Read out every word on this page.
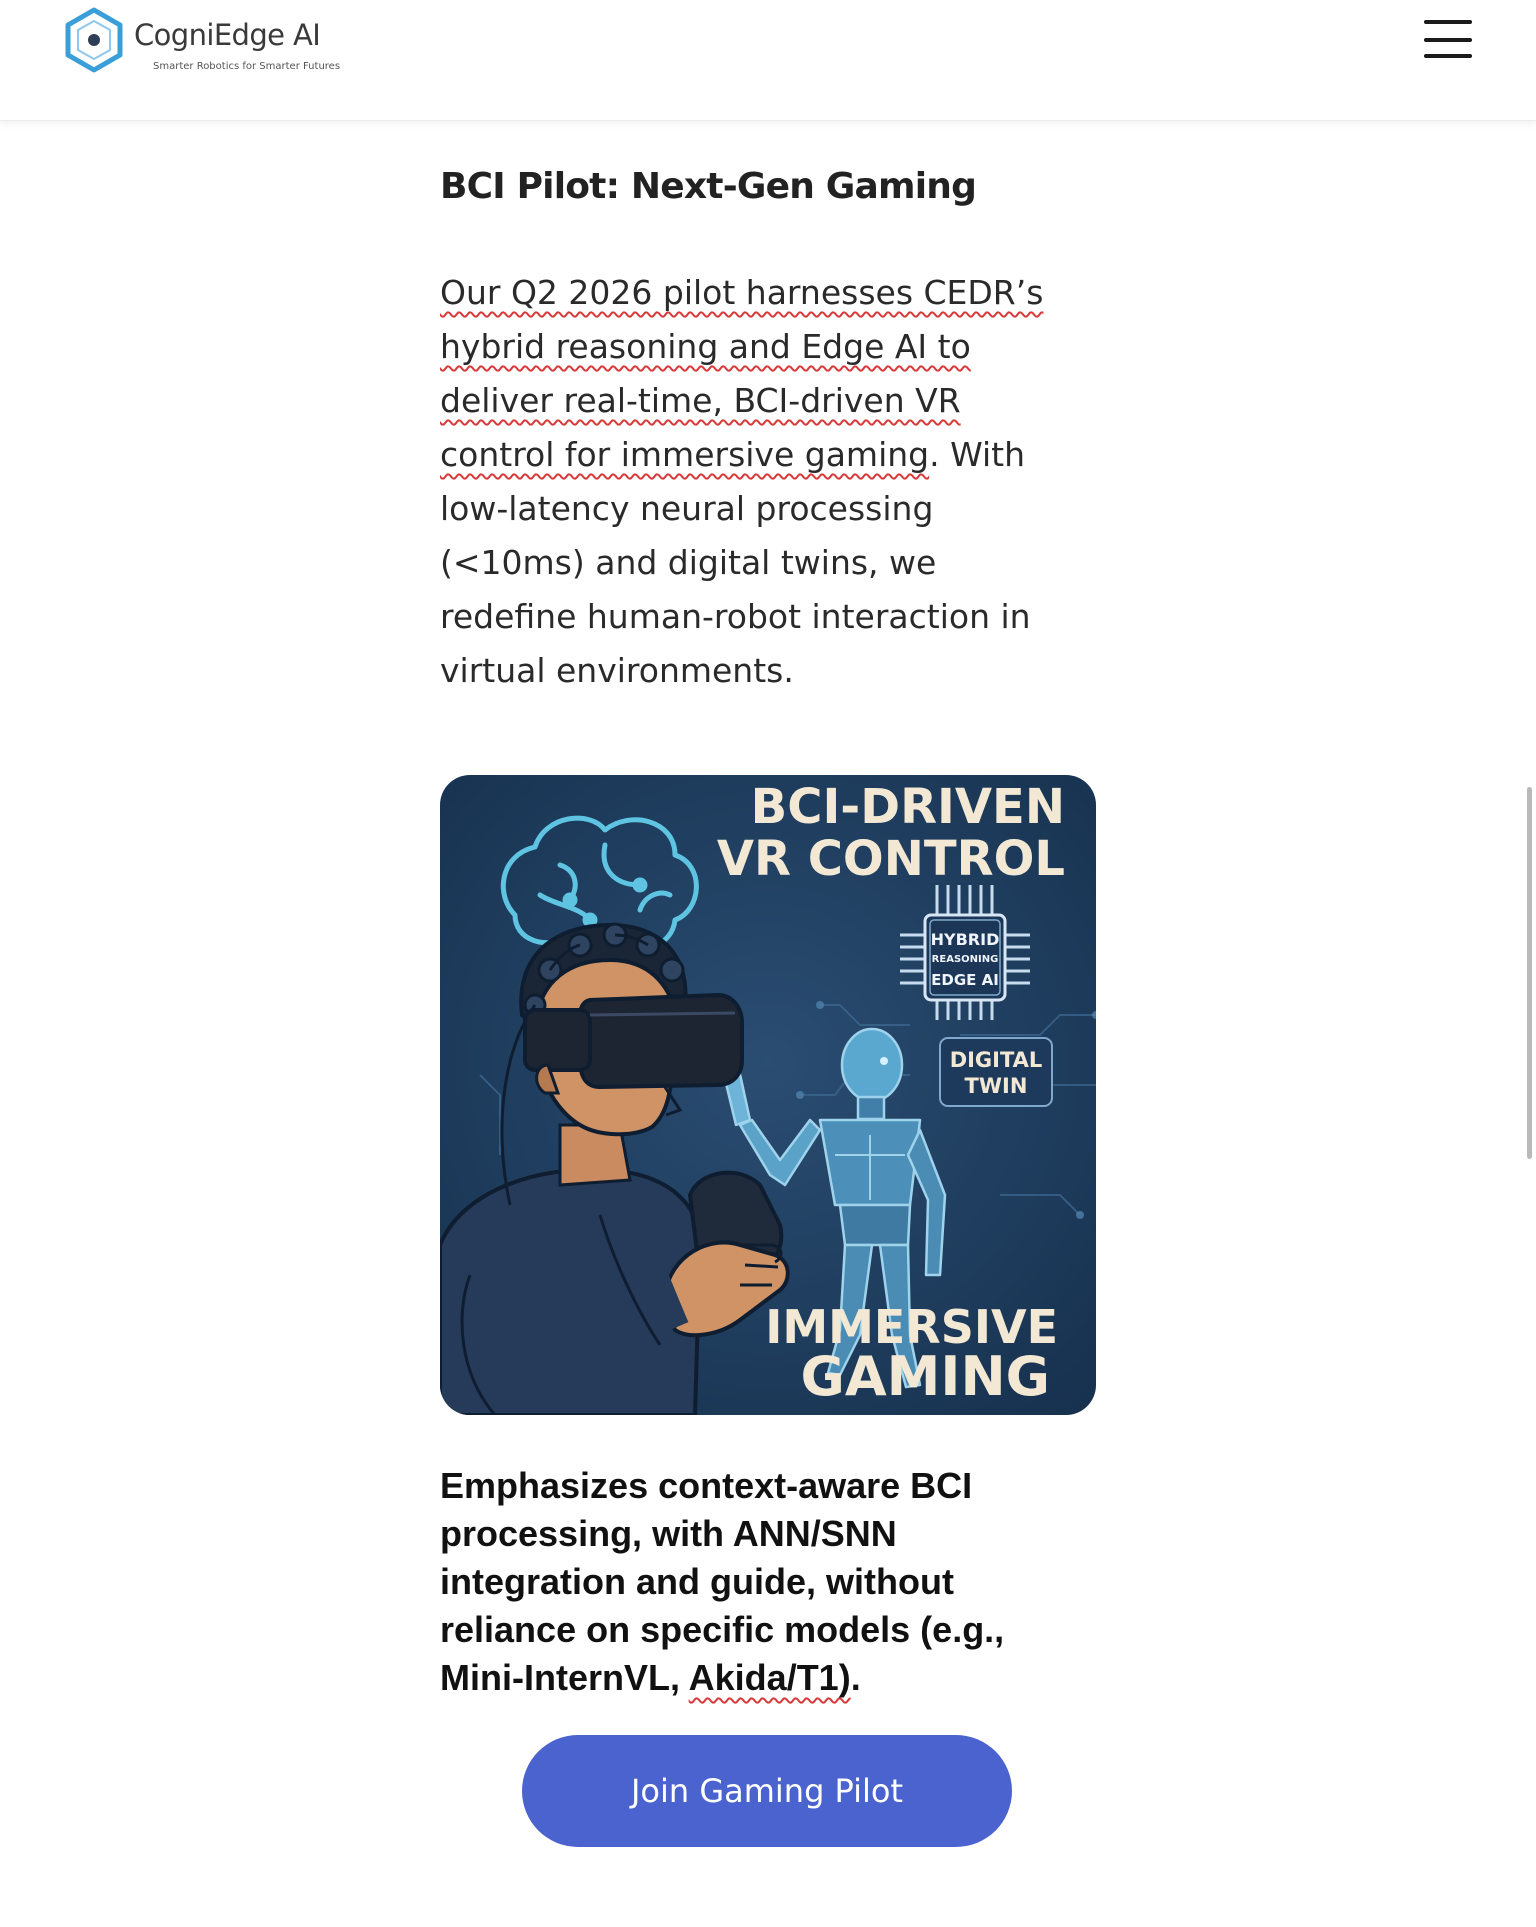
CogniEdge AI
Smarter Robotics for Smarter Futures
BCI Pilot: Next-Gen Gaming

Our Q2 2026 pilot harnesses CEDR’s
hybrid reasoning and Edge AI to
deliver real-time, BCI-driven VR
control for immersive gaming. With
low-latency neural processing
(<10ms) and digital twins, we
redefine human-robot interaction in
virtual environments.

BCI-DRIVEN
VR CONTROL
HYBRID
REASONING
EDGE AI
DIGITAL
TWIN
IMMERSIVE
GAMING

Emphasizes context-aware BCI
processing, with ANN/SNN
integration and guide, without
reliance on specific models (e.g.,
Mini-InternVL, Akida/T1).

Join Gaming Pilot
